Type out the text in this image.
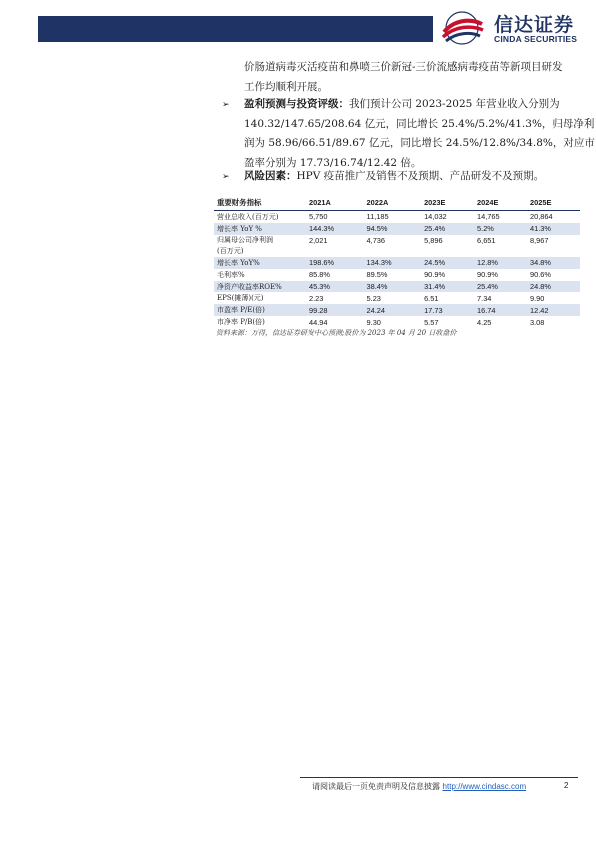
信达证券
CINDA SECURITIES
价肠道病毒灭活疫苗和鼻喷三价新冠-三价流感病毒疫苗等新项目研发
工作均顺利开展。
➢ 盈利预测与投资评级：我们预计公司 2023-2025 年营业收入分别为
140.32/147.65/208.64 亿元，同比增长 25.4%/5.2%/41.3%，归母净利
润为 58.96/66.51/89.67 亿元，同比增长 24.5%/12.8%/34.8%，对应市
盈率分别为 17.73/16.74/12.42 倍。
➢ 风险因素：HPV 疫苗推广及销售不及预期、产品研发不及预期。
重要财务指标	2021A	2022A	2023E	2024E	2025E
营业总收入(百万元)	5,750	11,185	14,032	14,765	20,864
增长率 YoY %	144.3%	94.5%	25.4%	5.2%	41.3%
归属母公司净利润	2,021	4,736	5,896	6,651	8,967
(百万元)					
增长率 YoY%	198.6%	134.3%	24.5%	12.8%	34.8%
毛利率%	85.8%	89.5%	90.9%	90.9%	90.6%
净资产收益率ROE%	45.3%	38.4%	31.4%	25.4%	24.8%
EPS(摊薄)(元)	2.23	5.23	6.51	7.34	9.90
市盈率 P/E(倍)	99.28	24.24	17.73	16.74	12.42
市净率 P/B(倍)	44.94	9.30	5.57	4.25	3.08
资料来源：万得，信达证券研发中心预测;股价为 2023 年 04 月 20 日收盘价
请阅读最后一页免责声明及信息披露 http://www.cindasc.com	2
